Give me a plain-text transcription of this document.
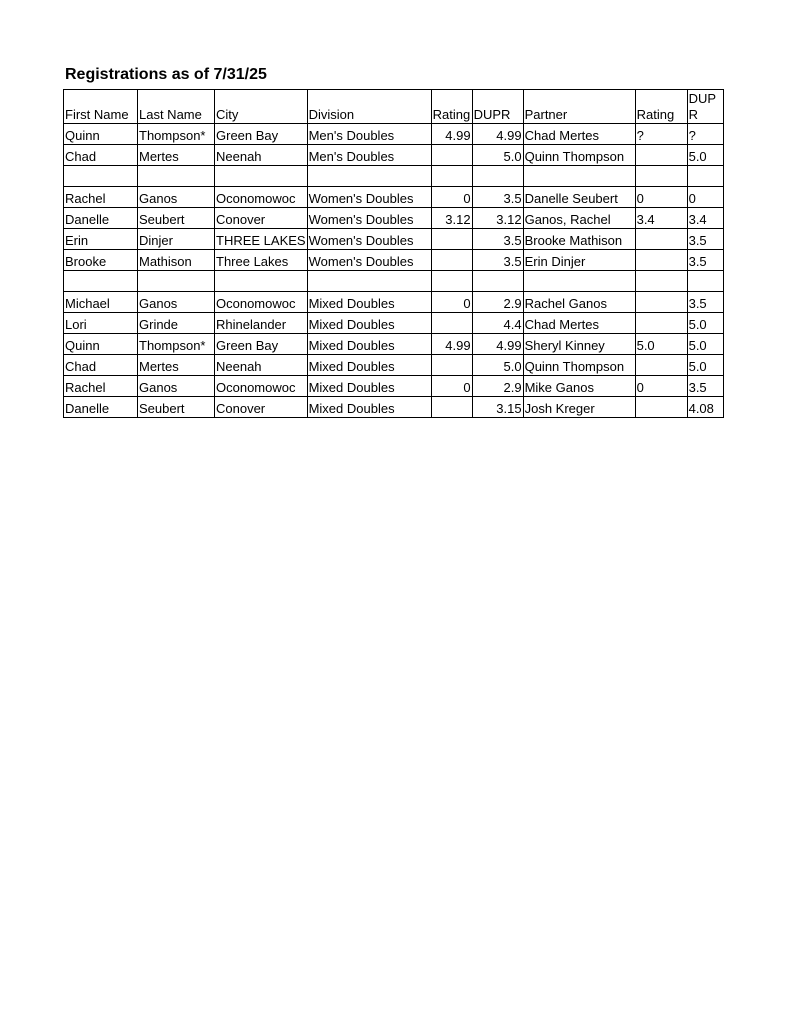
Registrations as of 7/31/25
First Name	Last Name	City	Division	Rating	DUPR	Partner	Rating	DUP
R
Quinn	Thompson*	Green Bay	Men's Doubles	4.99	4.99	Chad Mertes	?	?
Chad	Mertes	Neenah	Men's Doubles		5.0	Quinn Thompson		5.0

Rachel	Ganos	Oconomowoc	Women's Doubles	0	3.5	Danelle Seubert	0	0
Danelle	Seubert	Conover	Women's Doubles	3.12	3.12	Ganos, Rachel	3.4	3.4
Erin	Dinjer	THREE LAKES	Women's Doubles		3.5	Brooke Mathison		3.5
Brooke	Mathison	Three Lakes	Women's Doubles		3.5	Erin Dinjer		3.5

Michael	Ganos	Oconomowoc	Mixed Doubles	0	2.9	Rachel Ganos		3.5
Lori	Grinde	Rhinelander	Mixed Doubles		4.4	Chad Mertes		5.0
Quinn	Thompson*	Green Bay	Mixed Doubles	4.99	4.99	Sheryl Kinney	5.0	5.0
Chad	Mertes	Neenah	Mixed Doubles		5.0	Quinn Thompson		5.0
Rachel	Ganos	Oconomowoc	Mixed Doubles	0	2.9	Mike Ganos	0	3.5
Danelle	Seubert	Conover	Mixed Doubles		3.15	Josh Kreger		4.08
